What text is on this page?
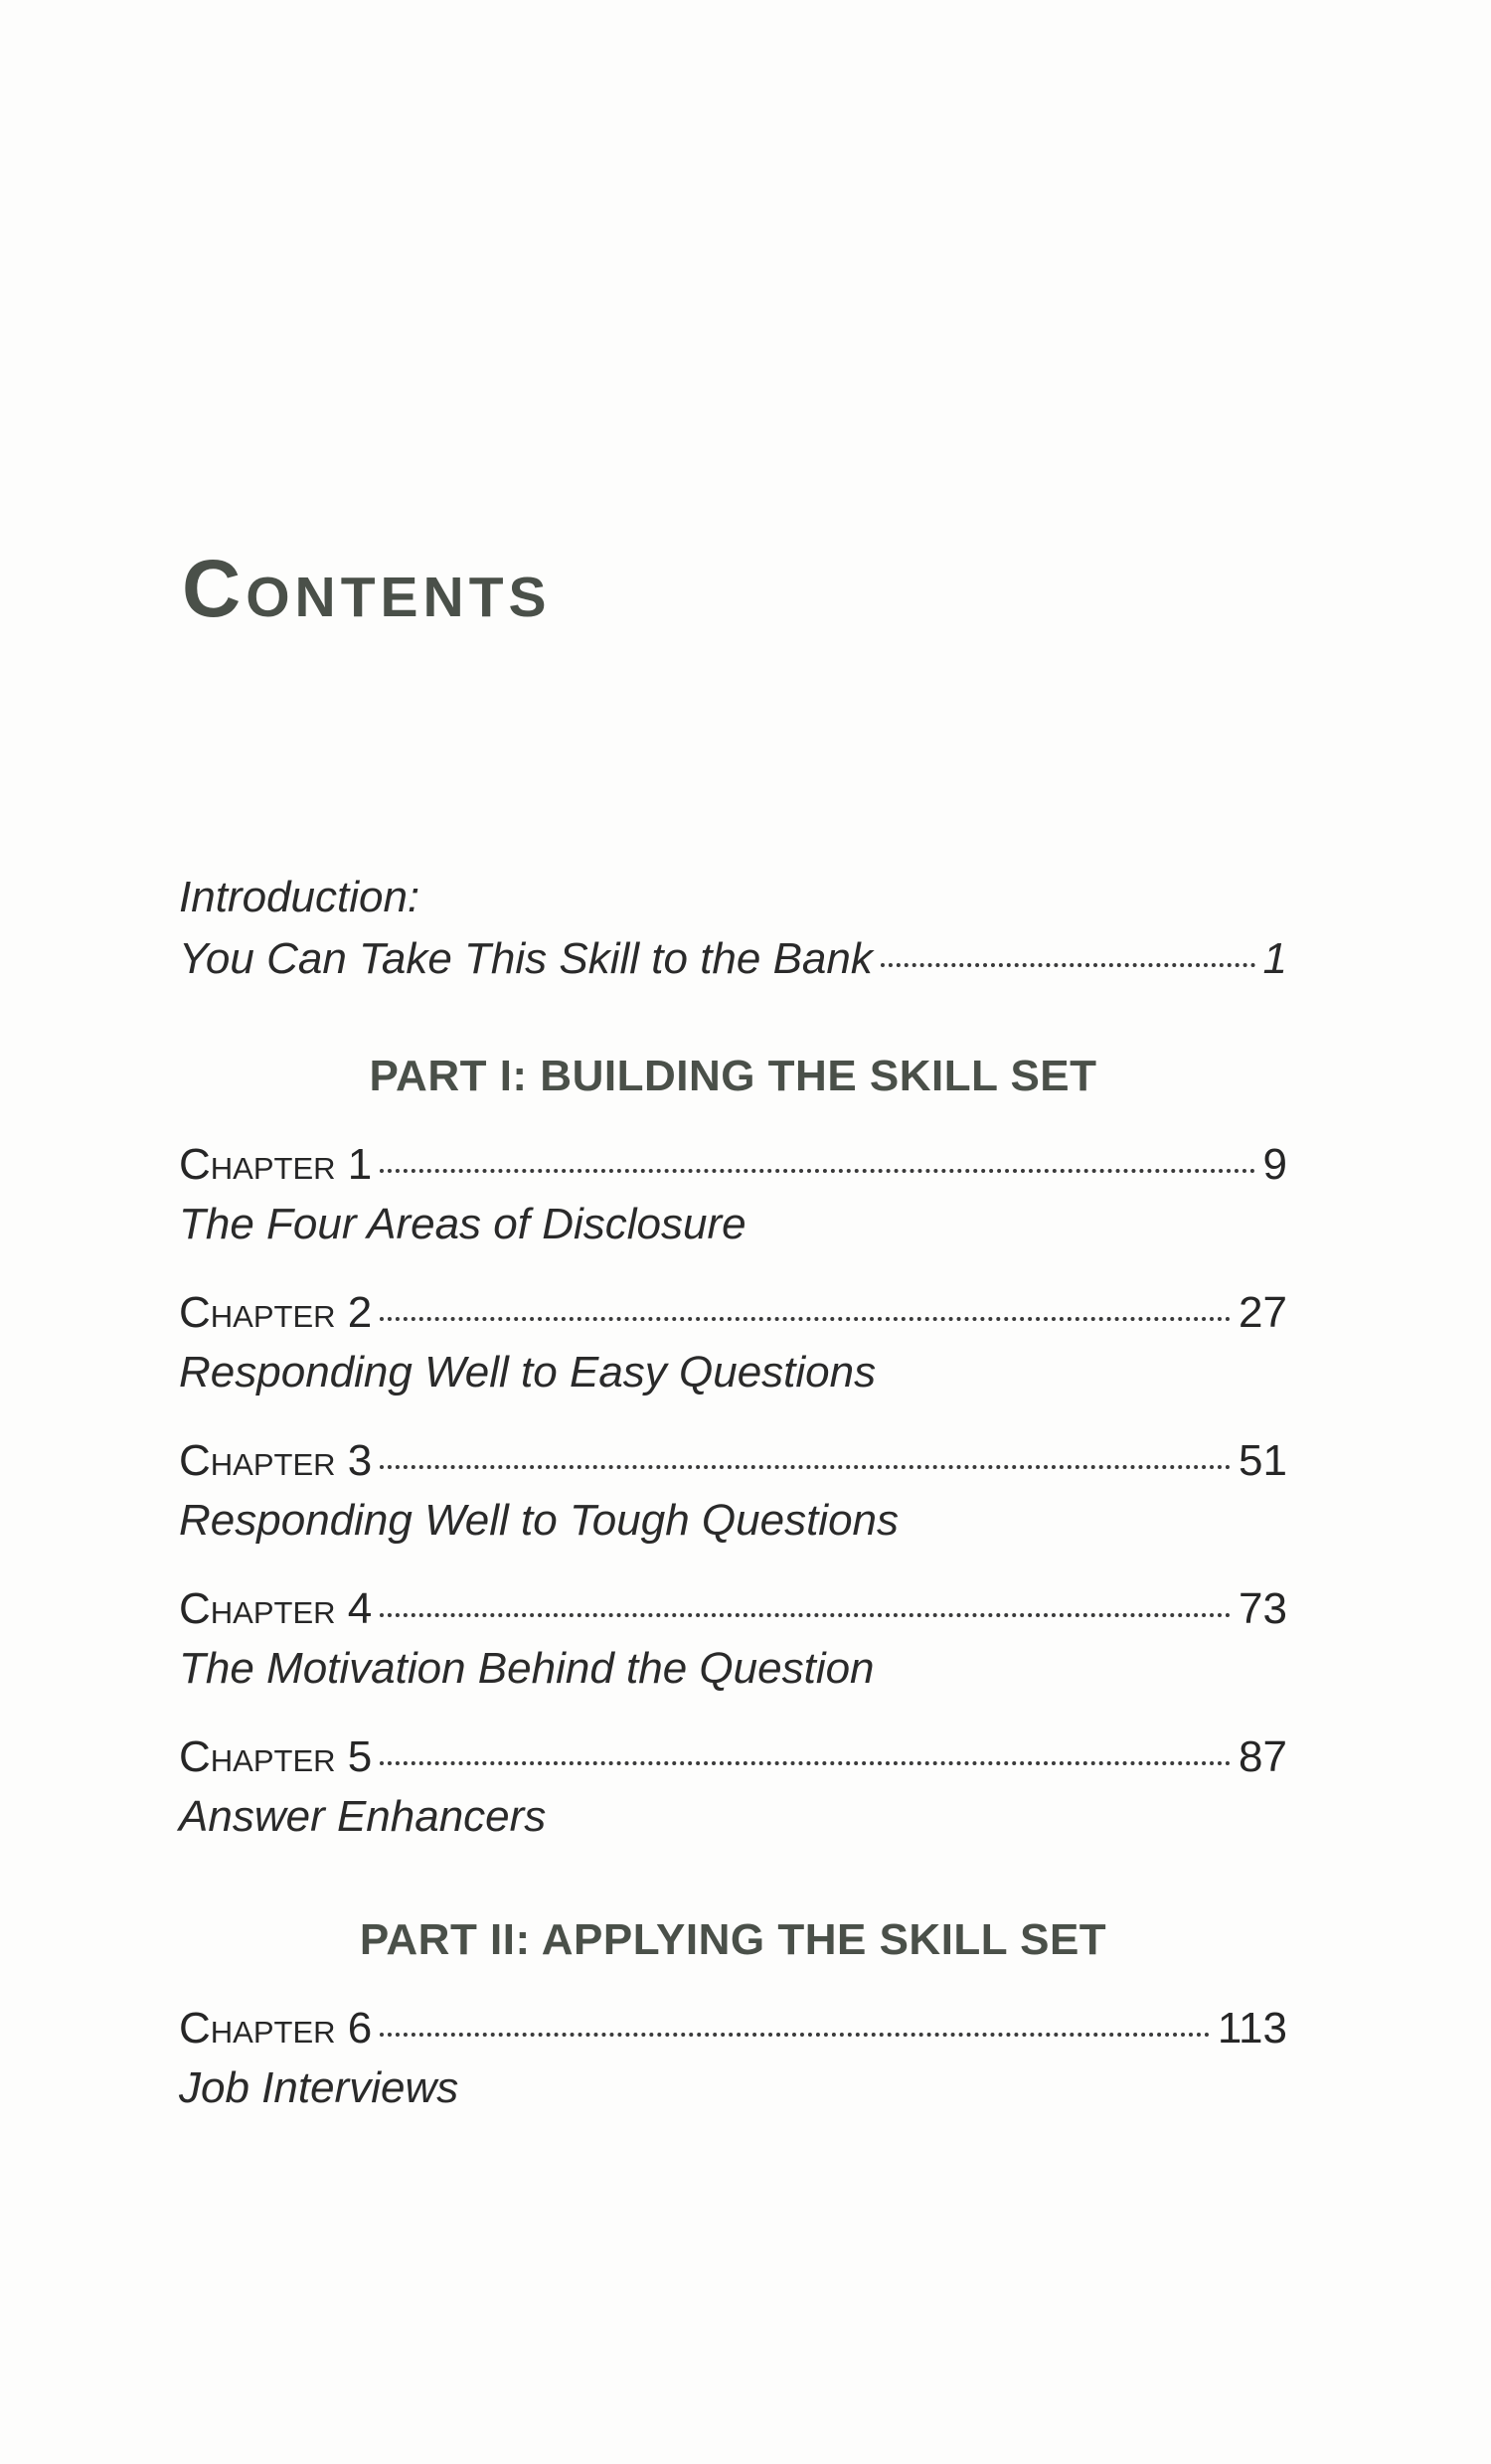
Contents
Introduction:
You Can Take This Skill to the Bank	1
PART I: BUILDING THE SKILL SET
Chapter 1	9
The Four Areas of Disclosure
Chapter 2	27
Responding Well to Easy Questions
Chapter 3	51
Responding Well to Tough Questions
Chapter 4	73
The Motivation Behind the Question
Chapter 5	87
Answer Enhancers
PART II: APPLYING THE SKILL SET
Chapter 6	113
Job Interviews
